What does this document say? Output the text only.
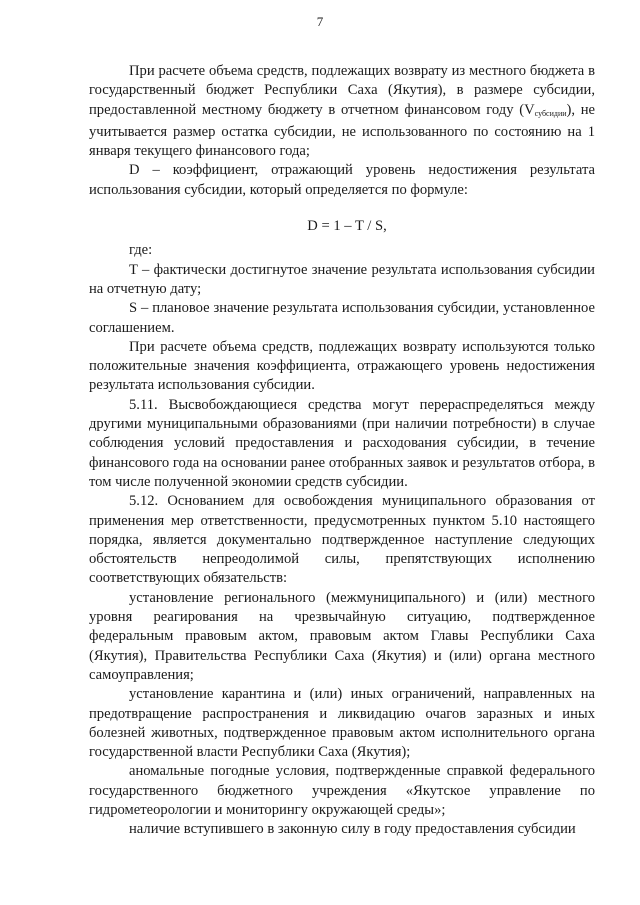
7

При расчете объема средств, подлежащих возврату из местного бюджета в государственный бюджет Республики Саха (Якутия), в размере субсидии, предоставленной местному бюджету в отчетном финансовом году $(V_{субсидии})$, не учитывается размер остатка субсидии, не использованного по состоянию на 1 января текущего финансового года;

D – коэффициент, отражающий уровень недостижения результата использования субсидии, который определяется по формуле:

D = 1 – T / S,

где:

T – фактически достигнутое значение результата использования субсидии на отчетную дату;

S – плановое значение результата использования субсидии, установленное соглашением.

При расчете объема средств, подлежащих возврату используются только положительные значения коэффициента, отражающего уровень недостижения результата использования субсидии.

5.11. Высвобождающиеся средства могут перераспределяться между другими муниципальными образованиями (при наличии потребности) в случае соблюдения условий предоставления и расходования субсидии, в течение финансового года на основании ранее отобранных заявок и результатов отбора, в том числе полученной экономии средств субсидии.

5.12. Основанием для освобождения муниципального образования от применения мер ответственности, предусмотренных пунктом 5.10 настоящего порядка, является документально подтвержденное наступление следующих обстоятельств непреодолимой силы, препятствующих исполнению соответствующих обязательств:

установление регионального (межмуниципального) и (или) местного уровня реагирования на чрезвычайную ситуацию, подтвержденное федеральным правовым актом, правовым актом Главы Республики Саха (Якутия), Правительства Республики Саха (Якутия) и (или) органа местного самоуправления;

установление карантина и (или) иных ограничений, направленных на предотвращение распространения и ликвидацию очагов заразных и иных болезней животных, подтвержденное правовым актом исполнительного органа государственной власти Республики Саха (Якутия);

аномальные погодные условия, подтвержденные справкой федерального государственного бюджетного учреждения «Якутское управление по гидрометеорологии и мониторингу окружающей среды»;

наличие вступившего в законную силу в году предоставления субсидии
